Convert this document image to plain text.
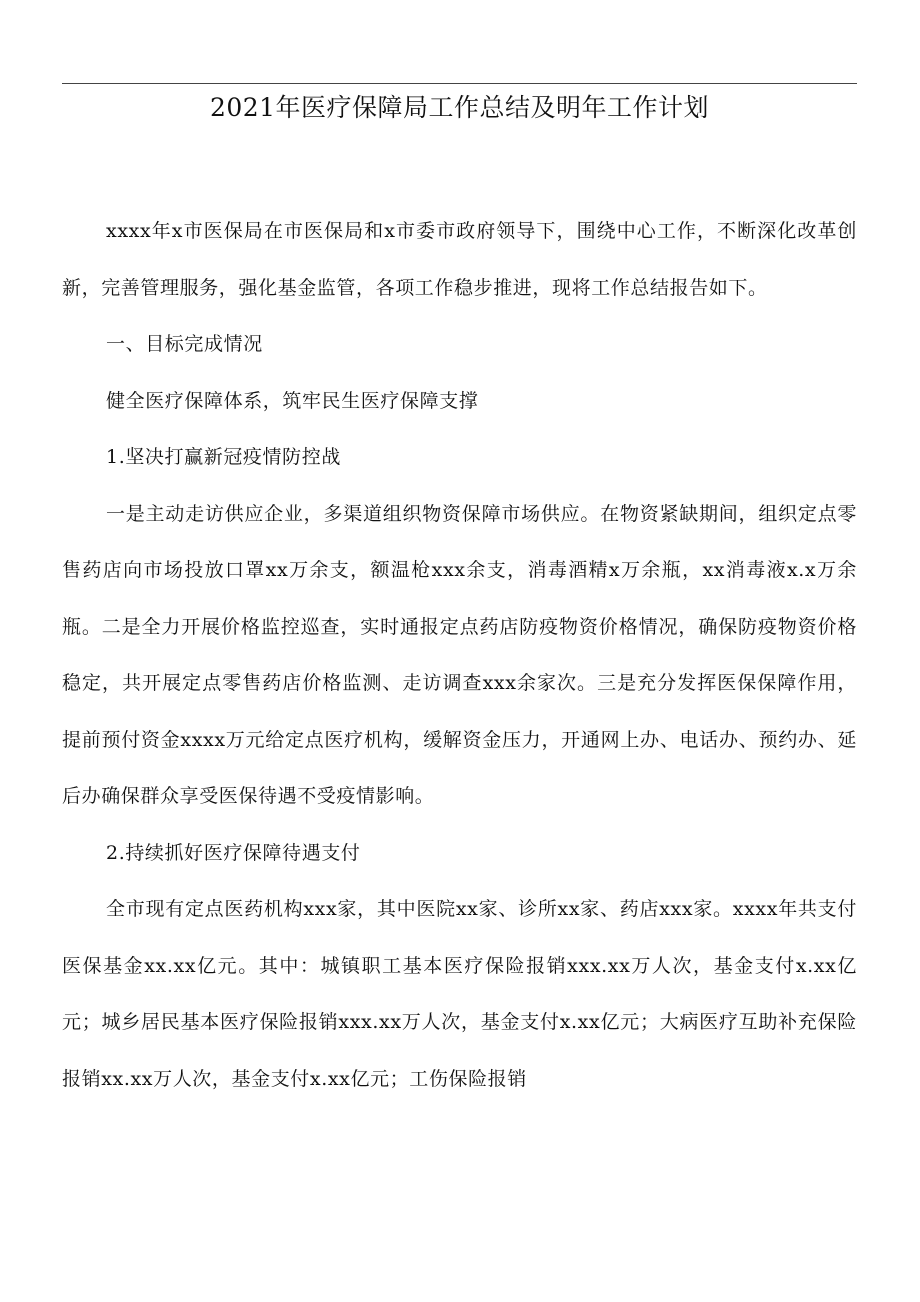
2021年医疗保障局工作总结及明年工作计划

xxxx年x市医保局在市医保局和x市委市政府领导下，围绕中心工作，不断深化改革创新，完善管理服务，强化基金监管，各项工作稳步推进，现将工作总结报告如下。

一、目标完成情况

健全医疗保障体系，筑牢民生医疗保障支撑

1.坚决打赢新冠疫情防控战

一是主动走访供应企业，多渠道组织物资保障市场供应。在物资紧缺期间，组织定点零售药店向市场投放口罩xx万余支，额温枪xxx余支，消毒酒精x万余瓶，xx消毒液x.x万余瓶。二是全力开展价格监控巡查，实时通报定点药店防疫物资价格情况，确保防疫物资价格稳定，共开展定点零售药店价格监测、走访调查xxx余家次。三是充分发挥医保保障作用，提前预付资金xxxx万元给定点医疗机构，缓解资金压力，开通网上办、电话办、预约办、延后办确保群众享受医保待遇不受疫情影响。

2.持续抓好医疗保障待遇支付

全市现有定点医药机构xxx家，其中医院xx家、诊所xx家、药店xxx家。xxxx年共支付医保基金xx.xx亿元。其中：城镇职工基本医疗保险报销xxx.xx万人次，基金支付x.xx亿元；城乡居民基本医疗保险报销xxx.xx万人次，基金支付x.xx亿元；大病医疗互助补充保险报销xx.xx万人次，基金支付x.xx亿元；工伤保险报销
